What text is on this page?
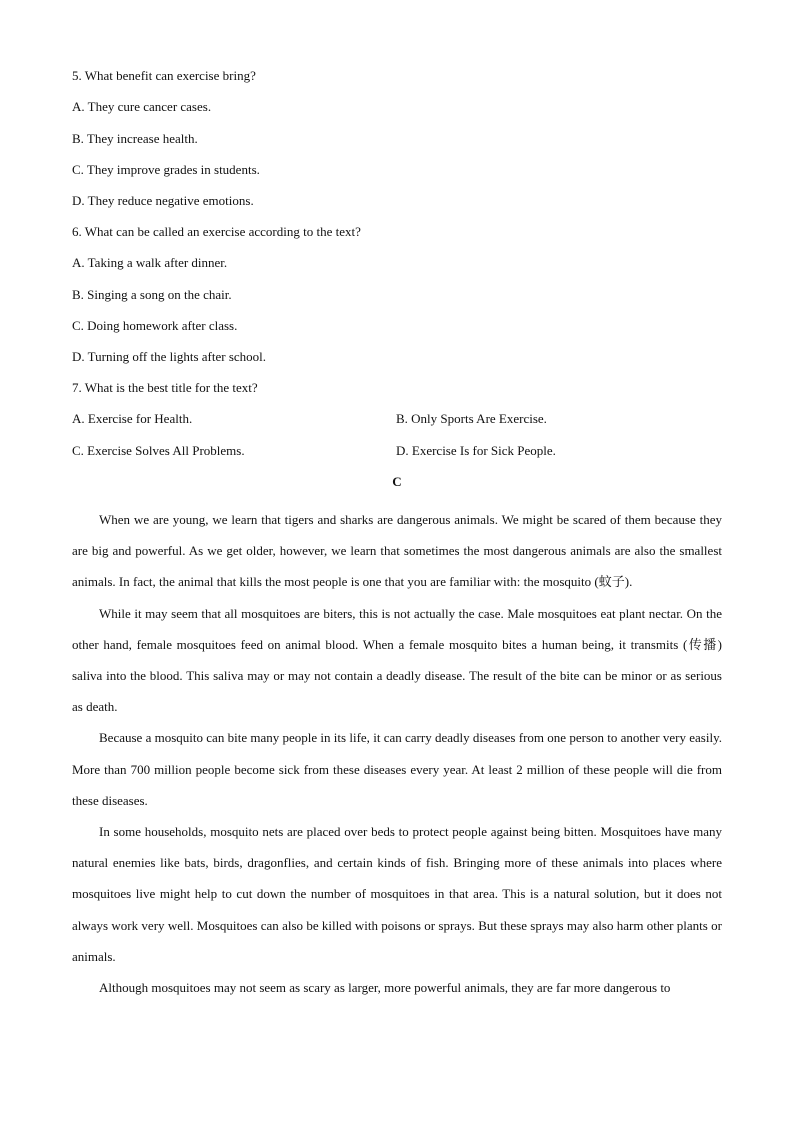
5. What benefit can exercise bring?
A. They cure cancer cases.
B. They increase health.
C. They improve grades in students.
D. They reduce negative emotions.
6. What can be called an exercise according to the text?
A. Taking a walk after dinner.
B. Singing a song on the chair.
C. Doing homework after class.
D. Turning off the lights after school.
7. What is the best title for the text?
A. Exercise for Health.	B. Only Sports Are Exercise.
C. Exercise Solves All Problems.	D. Exercise Is for Sick People.
C

When we are young, we learn that tigers and sharks are dangerous animals. We might be scared of them because they are big and powerful. As we get older, however, we learn that sometimes the most dangerous animals are also the smallest animals. In fact, the animal that kills the most people is one that you are familiar with: the mosquito (蚊子).

While it may seem that all mosquitoes are biters, this is not actually the case. Male mosquitoes eat plant nectar. On the other hand, female mosquitoes feed on animal blood. When a female mosquito bites a human being, it transmits (传播) saliva into the blood. This saliva may or may not contain a deadly disease. The result of the bite can be minor or as serious as death.

Because a mosquito can bite many people in its life, it can carry deadly diseases from one person to another very easily. More than 700 million people become sick from these diseases every year. At least 2 million of these people will die from these diseases.

In some households, mosquito nets are placed over beds to protect people against being bitten. Mosquitoes have many natural enemies like bats, birds, dragonflies, and certain kinds of fish. Bringing more of these animals into places where mosquitoes live might help to cut down the number of mosquitoes in that area. This is a natural solution, but it does not always work very well. Mosquitoes can also be killed with poisons or sprays. But these sprays may also harm other plants or animals.

Although mosquitoes may not seem as scary as larger, more powerful animals, they are far more dangerous to
